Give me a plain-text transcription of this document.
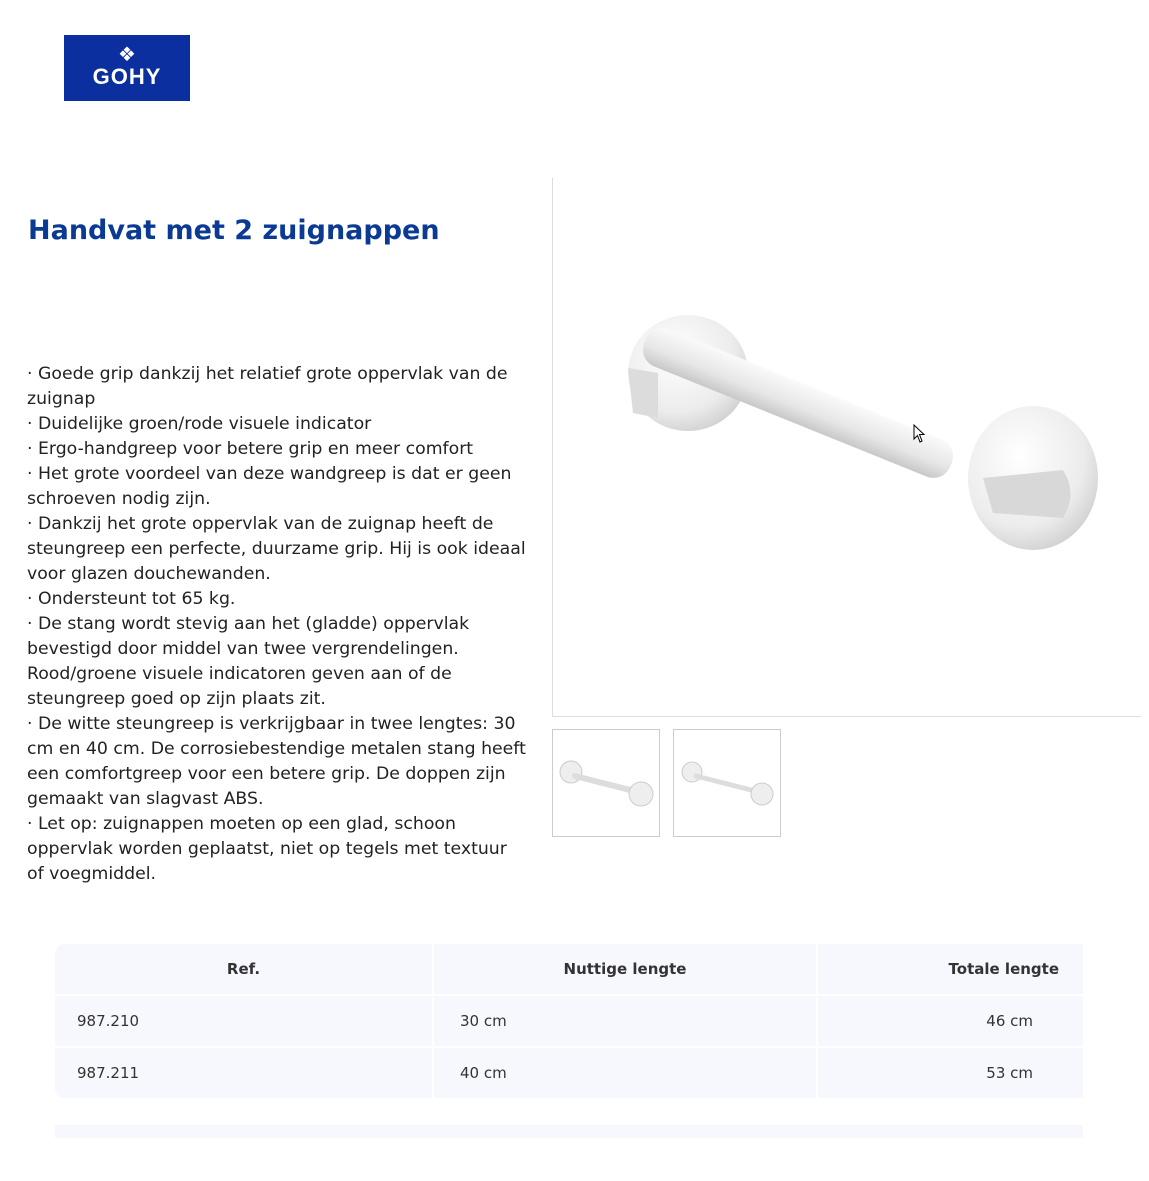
❖
GOHY
Handvat met 2 zuignappen
· Goede grip dankzij het relatief grote oppervlak van de zuignap
· Duidelijke groen/rode visuele indicator
· Ergo-handgreep voor betere grip en meer comfort
· Het grote voordeel van deze wandgreep is dat er geen schroeven nodig zijn.
· Dankzij het grote oppervlak van de zuignap heeft de steungreep een perfecte, duurzame grip. Hij is ook ideaal voor glazen douchewanden.
· Ondersteunt tot 65 kg.
· De stang wordt stevig aan het (gladde) oppervlak bevestigd door middel van twee vergrendelingen. Rood/groene visuele indicatoren geven aan of de steungreep goed op zijn plaats zit.
· De witte steungreep is verkrijgbaar in twee lengtes: 30 cm en 40 cm. De corrosiebestendige metalen stang heeft een comfortgreep voor een betere grip. De doppen zijn gemaakt van slagvast ABS.
· Let op: zuignappen moeten op een glad, schoon oppervlak worden geplaatst, niet op tegels met textuur of voegmiddel.
Ref.	Nuttige lengte	Totale lengte
987.210	30 cm	46 cm
987.211	40 cm	53 cm
